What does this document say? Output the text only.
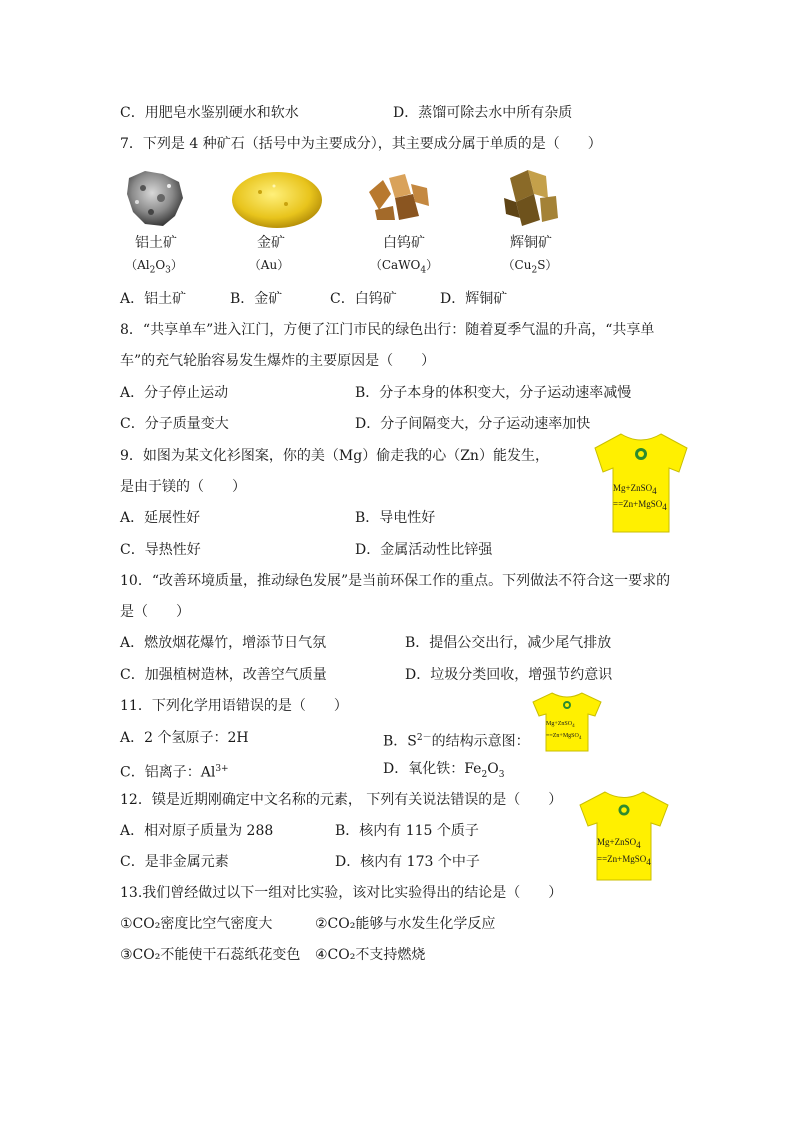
C．用肥皂水鉴别硬水和软水	D．蒸馏可除去水中所有杂质
7．下列是 4 种矿石（括号中为主要成分），其主要成分属于单质的是（　　）
铝土矿	金矿	白钨矿	辉铜矿
$(Al_2O_3)$	（Au）	（CaWO$_4$）	$(Cu_2S)$
A．铝土矿	B．金矿	C．白钨矿	D．辉铜矿
8．“共享单车”进入江门，方便了江门市民的绿色出行：随着夏季气温的升高，“共享单
车”的充气轮胎容易发生爆炸的主要原因是（　　）
A．分子停止运动	B．分子本身的体积变大，分子运动速率减慢
C．分子质量变大	D．分子间隔变大，分子运动速率加快
9．如图为某文化衫图案，你的美（Mg）偷走我的心（Zn）能发生，
是由于镁的（　　）
A．延展性好	B．导电性好
C．导热性好	D．金属活动性比锌强
Mg+ZnSO$_4$
==Zn+MgSO$_4$
10．“改善环境质量，推动绿色发展”是当前环保工作的重点。下列做法不符合这一要求的
是（　　）
A．燃放烟花爆竹，增添节日气氛	B．提倡公交出行，减少尾气排放
C．加强植树造林，改善空气质量	D．垃圾分类回收，增强节约意识
Mg+ZnSO$_4$
==Zn+MgSO$_4$
11．下列化学用语错误的是（　　）
A．2 个氢原子：2H	B．$S^{2-}$的结构示意图：
C．铝离子：$Al^{3+}$	D．氧化铁：$Fe_2O_3$
12．镆是近期刚确定中文名称的元素， 下列有关说法错误的是（　　）
A．相对原子质量为 288	B．核内有 115 个质子
C．是非金属元素	D．核内有 173 个中子
Mg+ZnSO$_4$
==Zn+MgSO$_4$
13.我们曾经做过以下一组对比实验，该对比实验得出的结论是（　　）
①CO₂密度比空气密度大	②CO₂能够与水发生化学反应
③CO₂不能使干石蕊纸花变色 ④CO₂不支持燃烧
